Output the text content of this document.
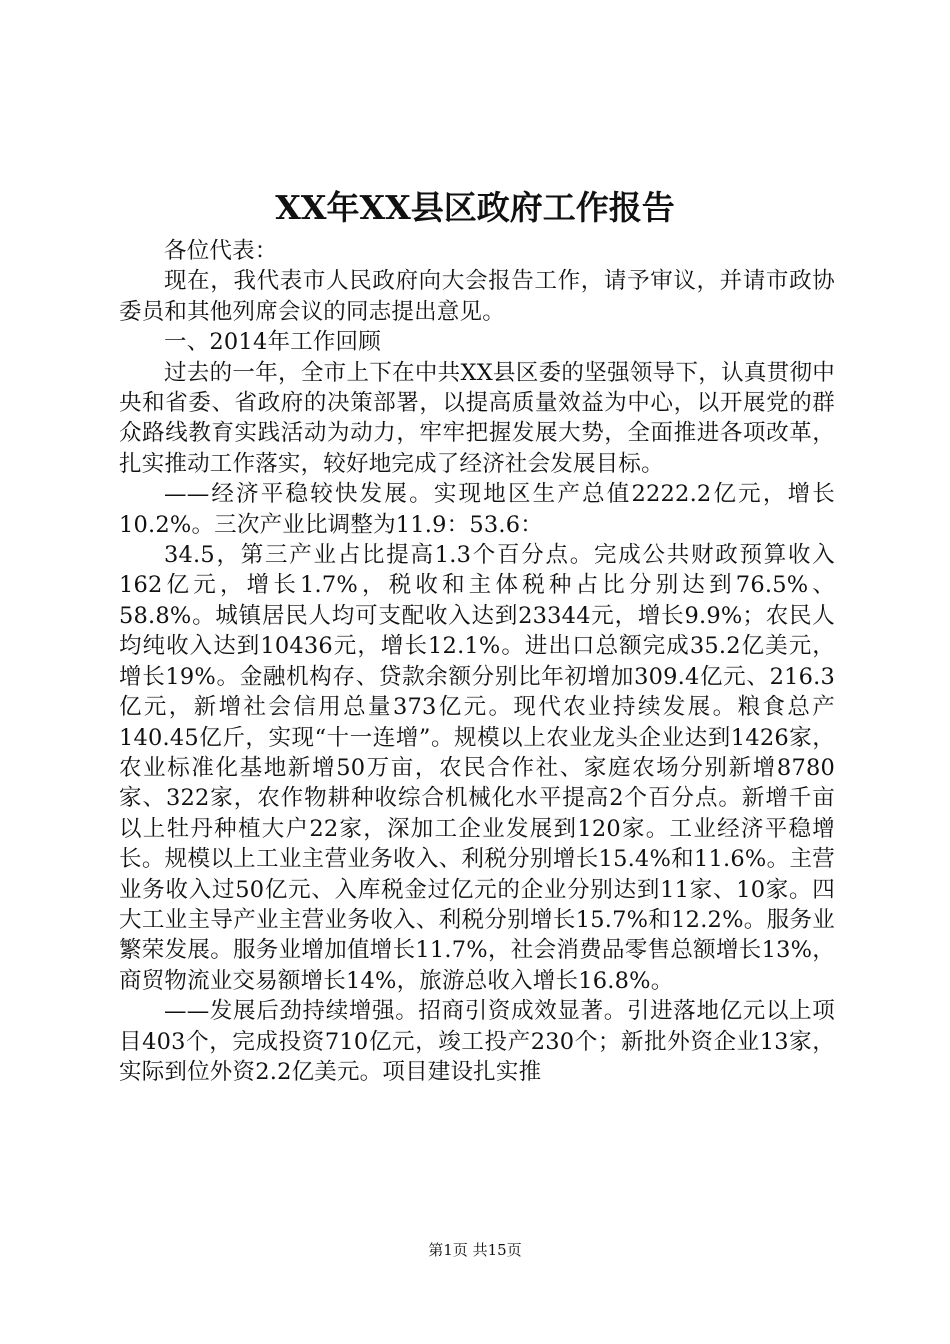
XX年XX县区政府工作报告

各位代表：

现在，我代表市人民政府向大会报告工作，请予审议，并请市政协委员和其他列席会议的同志提出意见。

一、2014年工作回顾

过去的一年，全市上下在中共XX县区委的坚强领导下，认真贯彻中央和省委、省政府的决策部署，以提高质量效益为中心，以开展党的群众路线教育实践活动为动力，牢牢把握发展大势，全面推进各项改革，扎实推动工作落实，较好地完成了经济社会发展目标。

——经济平稳较快发展。实现地区生产总值2222.2亿元，增长10.2%。三次产业比调整为11.9：53.6：

34.5，第三产业占比提高1.3个百分点。完成公共财政预算收入162亿元，增长1.7%，税收和主体税种占比分别达到76.5%、58.8%。城镇居民人均可支配收入达到23344元，增长9.9%；农民人均纯收入达到10436元，增长12.1%。进出口总额完成35.2亿美元，增长19%。金融机构存、贷款余额分别比年初增加309.4亿元、216.3亿元，新增社会信用总量373亿元。现代农业持续发展。粮食总产140.45亿斤，实现“十一连增”。规模以上农业龙头企业达到1426家，农业标准化基地新增50万亩，农民合作社、家庭农场分别新增8780家、322家，农作物耕种收综合机械化水平提高2个百分点。新增千亩以上牡丹种植大户22家，深加工企业发展到120家。工业经济平稳增长。规模以上工业主营业务收入、利税分别增长15.4%和11.6%。主营业务收入过50亿元、入库税金过亿元的企业分别达到11家、10家。四大工业主导产业主营业务收入、利税分别增长15.7%和12.2%。服务业繁荣发展。服务业增加值增长11.7%，社会消费品零售总额增长13%，商贸物流业交易额增长14%，旅游总收入增长16.8%。

——发展后劲持续增强。招商引资成效显著。引进落地亿元以上项目403个，完成投资710亿元，竣工投产230个；新批外资企业13家，实际到位外资2.2亿美元。项目建设扎实推

第1页 共15页
